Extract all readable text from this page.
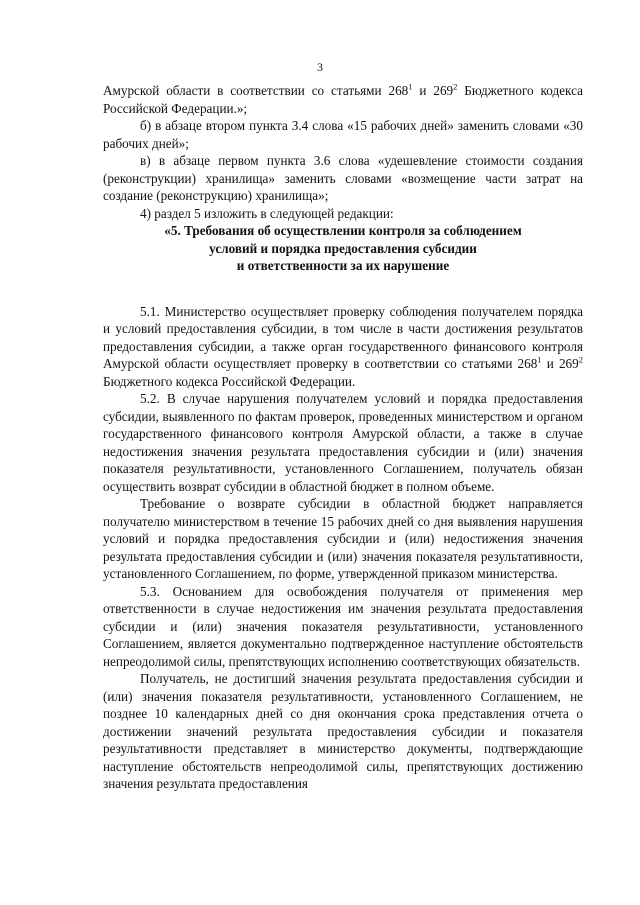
3

Амурской области в соответствии со статьями $268^1$ и $269^2$ Бюджетного кодекса Российской Федерации.»;

б) в абзаце втором пункта 3.4 слова «15 рабочих дней» заменить словами «30 рабочих дней»;

в) в абзаце первом пункта 3.6 слова «удешевление стоимости создания (реконструкции) хранилища» заменить словами «возмещение части затрат на создание (реконструкцию) хранилища»;

4) раздел 5 изложить в следующей редакции:

«5. Требования об осуществлении контроля за соблюдением
условий и порядка предоставления субсидии
и ответственности за их нарушение

5.1. Министерство осуществляет проверку соблюдения получателем порядка и условий предоставления субсидии, в том числе в части достижения результатов предоставления субсидии, а также орган государственного финансового контроля Амурской области осуществляет проверку в соответствии со статьями $268^1$ и $269^2$ Бюджетного кодекса Российской Федерации.

5.2. В случае нарушения получателем условий и порядка предоставления субсидии, выявленного по фактам проверок, проведенных министерством и органом государственного финансового контроля Амурской области, а также в случае недостижения значения результата предоставления субсидии и (или) значения показателя результативности, установленного Соглашением, получатель обязан осуществить возврат субсидии в областной бюджет в полном объеме.

Требование о возврате субсидии в областной бюджет направляется получателю министерством в течение 15 рабочих дней со дня выявления нарушения условий и порядка предоставления субсидии и (или) недостижения значения результата предоставления субсидии и (или) значения показателя результативности, установленного Соглашением, по форме, утвержденной приказом министерства.

5.3. Основанием для освобождения получателя от применения мер ответственности в случае недостижения им значения результата предоставления субсидии и (или) значения показателя результативности, установленного Соглашением, является документально подтвержденное наступление обстоятельств непреодолимой силы, препятствующих исполнению соответствующих обязательств.

Получатель, не достигший значения результата предоставления субсидии и (или) значения показателя результативности, установленного Соглашением, не позднее 10 календарных дней со дня окончания срока представления отчета о достижении значений результата предоставления субсидии и показателя результативности представляет в министерство документы, подтверждающие наступление обстоятельств непреодолимой силы, препятствующих достижению значения результата предоставления
